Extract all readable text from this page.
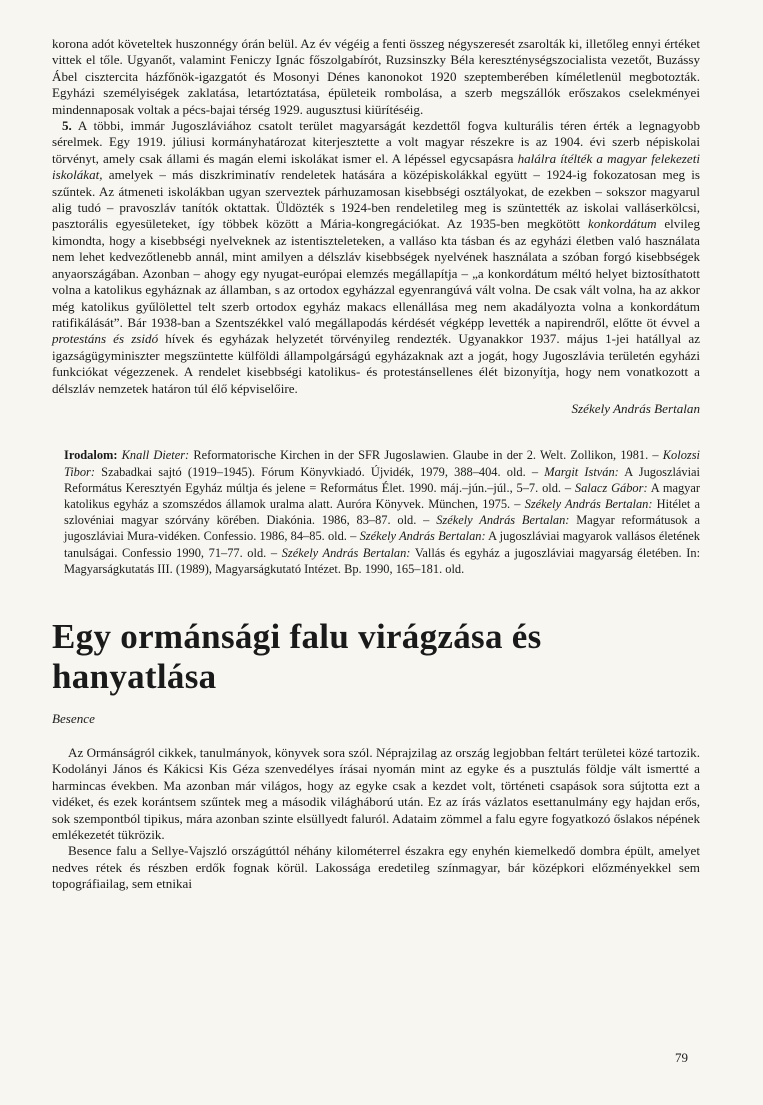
korona adót követeltek huszonnégy órán belül. Az év végéig a fenti összeg négyszeresét zsarolták ki, illetőleg ennyi értéket vittek el tőle. Ugyanőt, valamint Feniczy Ignác főszolgabírót, Ruzsinszky Béla kereszténységszocialista vezetőt, Buzássy Ábel cisztercita házfőnök-igazgatót és Mosonyi Dénes kanonokot 1920 szeptemberében kíméletlenül megbotozták. Egyházi személyiségek zaklatása, letartóztatása, épületeik rombolása, a szerb megszállók erőszakos cselekményei mindennaposak voltak a pécs-bajai térség 1929. augusztusi kiürítéséig.

5. A többi, immár Jugoszláviához csatolt terület magyarságát kezdettől fogva kulturális téren érték a legnagyobb sérelmek. Egy 1919. júliusi kormányhatározat kiterjesztette a volt magyar részekre is az 1904. évi szerb népiskolai törvényt, amely csak állami és magán elemi iskolákat ismer el. A lépéssel egycsapásra halálra ítélték a magyar felekezeti iskolákat, amelyek – más diszkriminatív rendeletek hatására a középiskolákkal együtt – 1924-ig fokozatosan meg is szűntek. Az átmeneti iskolákban ugyan szerveztek párhuzamosan kisebbségi osztályokat, de ezekben – sokszor magyarul alig tudó – pravoszláv tanítók oktattak. Üldözték s 1924-ben rendeletileg meg is szüntették az iskolai valláserkölcsi, pasztorális egyesületeket, így többek között a Mária-kongregációkat. Az 1935-ben megkötött konkordátum elvileg kimondta, hogy a kisebbségi nyelveknek az istentiszteleteken, a valláso kta tásban és az egyházi életben való használata nem lehet kedvezőtlenebb annál, mint amilyen a délszláv kisebbségek nyelvének használata a szóban forgó kisebbségek anyaországában. Azonban – ahogy egy nyugat-európai elemzés megállapítja – „a konkordátum méltó helyet biztosíthatott volna a katolikus egyháznak az államban, s az ortodox egyházzal egyenrangúvá vált volna. De csak vált volna, ha az akkor még katolikus gyűlölettel telt szerb ortodox egyház makacs ellenállása meg nem akadályozta volna a konkordátum ratifikálását”. Bár 1938-ban a Szentszékkel való megállapodás kérdését végképp levették a napirendről, előtte öt évvel a protestáns és zsidó hívek és egyházak helyzetét törvényileg rendezték. Ugyanakkor 1937. május 1-jei hatállyal az igazságügyminiszter megszüntette külföldi állampolgárságú egyházaknak azt a jogát, hogy Jugoszlávia területén egyházi funkciókat végezzenek. A rendelet kisebbségi katolikus- és protestánsellenes élét bizonyítja, hogy nem vonatkozott a délszláv nemzetek határon túl élő képviselőire.

Székely András Bertalan
Irodalom: Knall Dieter: Reformatorische Kirchen in der SFR Jugoslawien. Glaube in der 2. Welt. Zollikon, 1981. – Kolozsi Tibor: Szabadkai sajtó (1919–1945). Fórum Könyvkiadó. Újvidék, 1979, 388–404. old. – Margit István: A Jugoszláviai Református Keresztyén Egyház múltja és jelene = Református Élet. 1990. máj.–jún.–júl., 5–7. old. – Salacz Gábor: A magyar katolikus egyház a szomszédos államok uralma alatt. Auróra Könyvek. München, 1975. – Székely András Bertalan: Hitélet a szlovéniai magyar szórvány körében. Diakónia. 1986, 83–87. old. – Székely András Bertalan: Magyar reformátusok a jugoszláviai Mura-vidéken. Confessio. 1986, 84–85. old. – Székely András Bertalan: A jugoszláviai magyarok vallásos életének tanulságai. Confessio 1990, 71–77. old. – Székely András Bertalan: Vallás és egyház a jugoszláviai magyarság életében. In: Magyarságkutatás III. (1989), Magyarságkutató Intézet. Bp. 1990, 165–181. old.
Egy ormánsági falu virágzása és hanyatlása
Besence

Az Ormánságról cikkek, tanulmányok, könyvek sora szól. Néprajzilag az ország legjobban feltárt területei közé tartozik. Kodolányi János és Kákicsi Kis Géza szenvedélyes írásai nyomán mint az egyke és a pusztulás földje vált ismertté a harmincas években. Ma azonban már világos, hogy az egyke csak a kezdet volt, történeti csapások sora sújtotta ezt a vidéket, és ezek korántsem szűntek meg a második világháború után. Ez az írás vázlatos esettanulmány egy hajdan erős, sok szempontból tipikus, mára azonban szinte elsüllyedt faluról. Adataim zömmel a falu egyre fogyatkozó őslakos népének emlékezetét tükrözik.

Besence falu a Sellye-Vajszló országúttól néhány kilométerrel északra egy enyhén kiemelkedő dombra épült, amelyet nedves rétek és részben erdők fognak körül. Lakossága eredetileg színmagyar, bár középkori előzményekkel sem topográfiailag, sem etnikai

79
